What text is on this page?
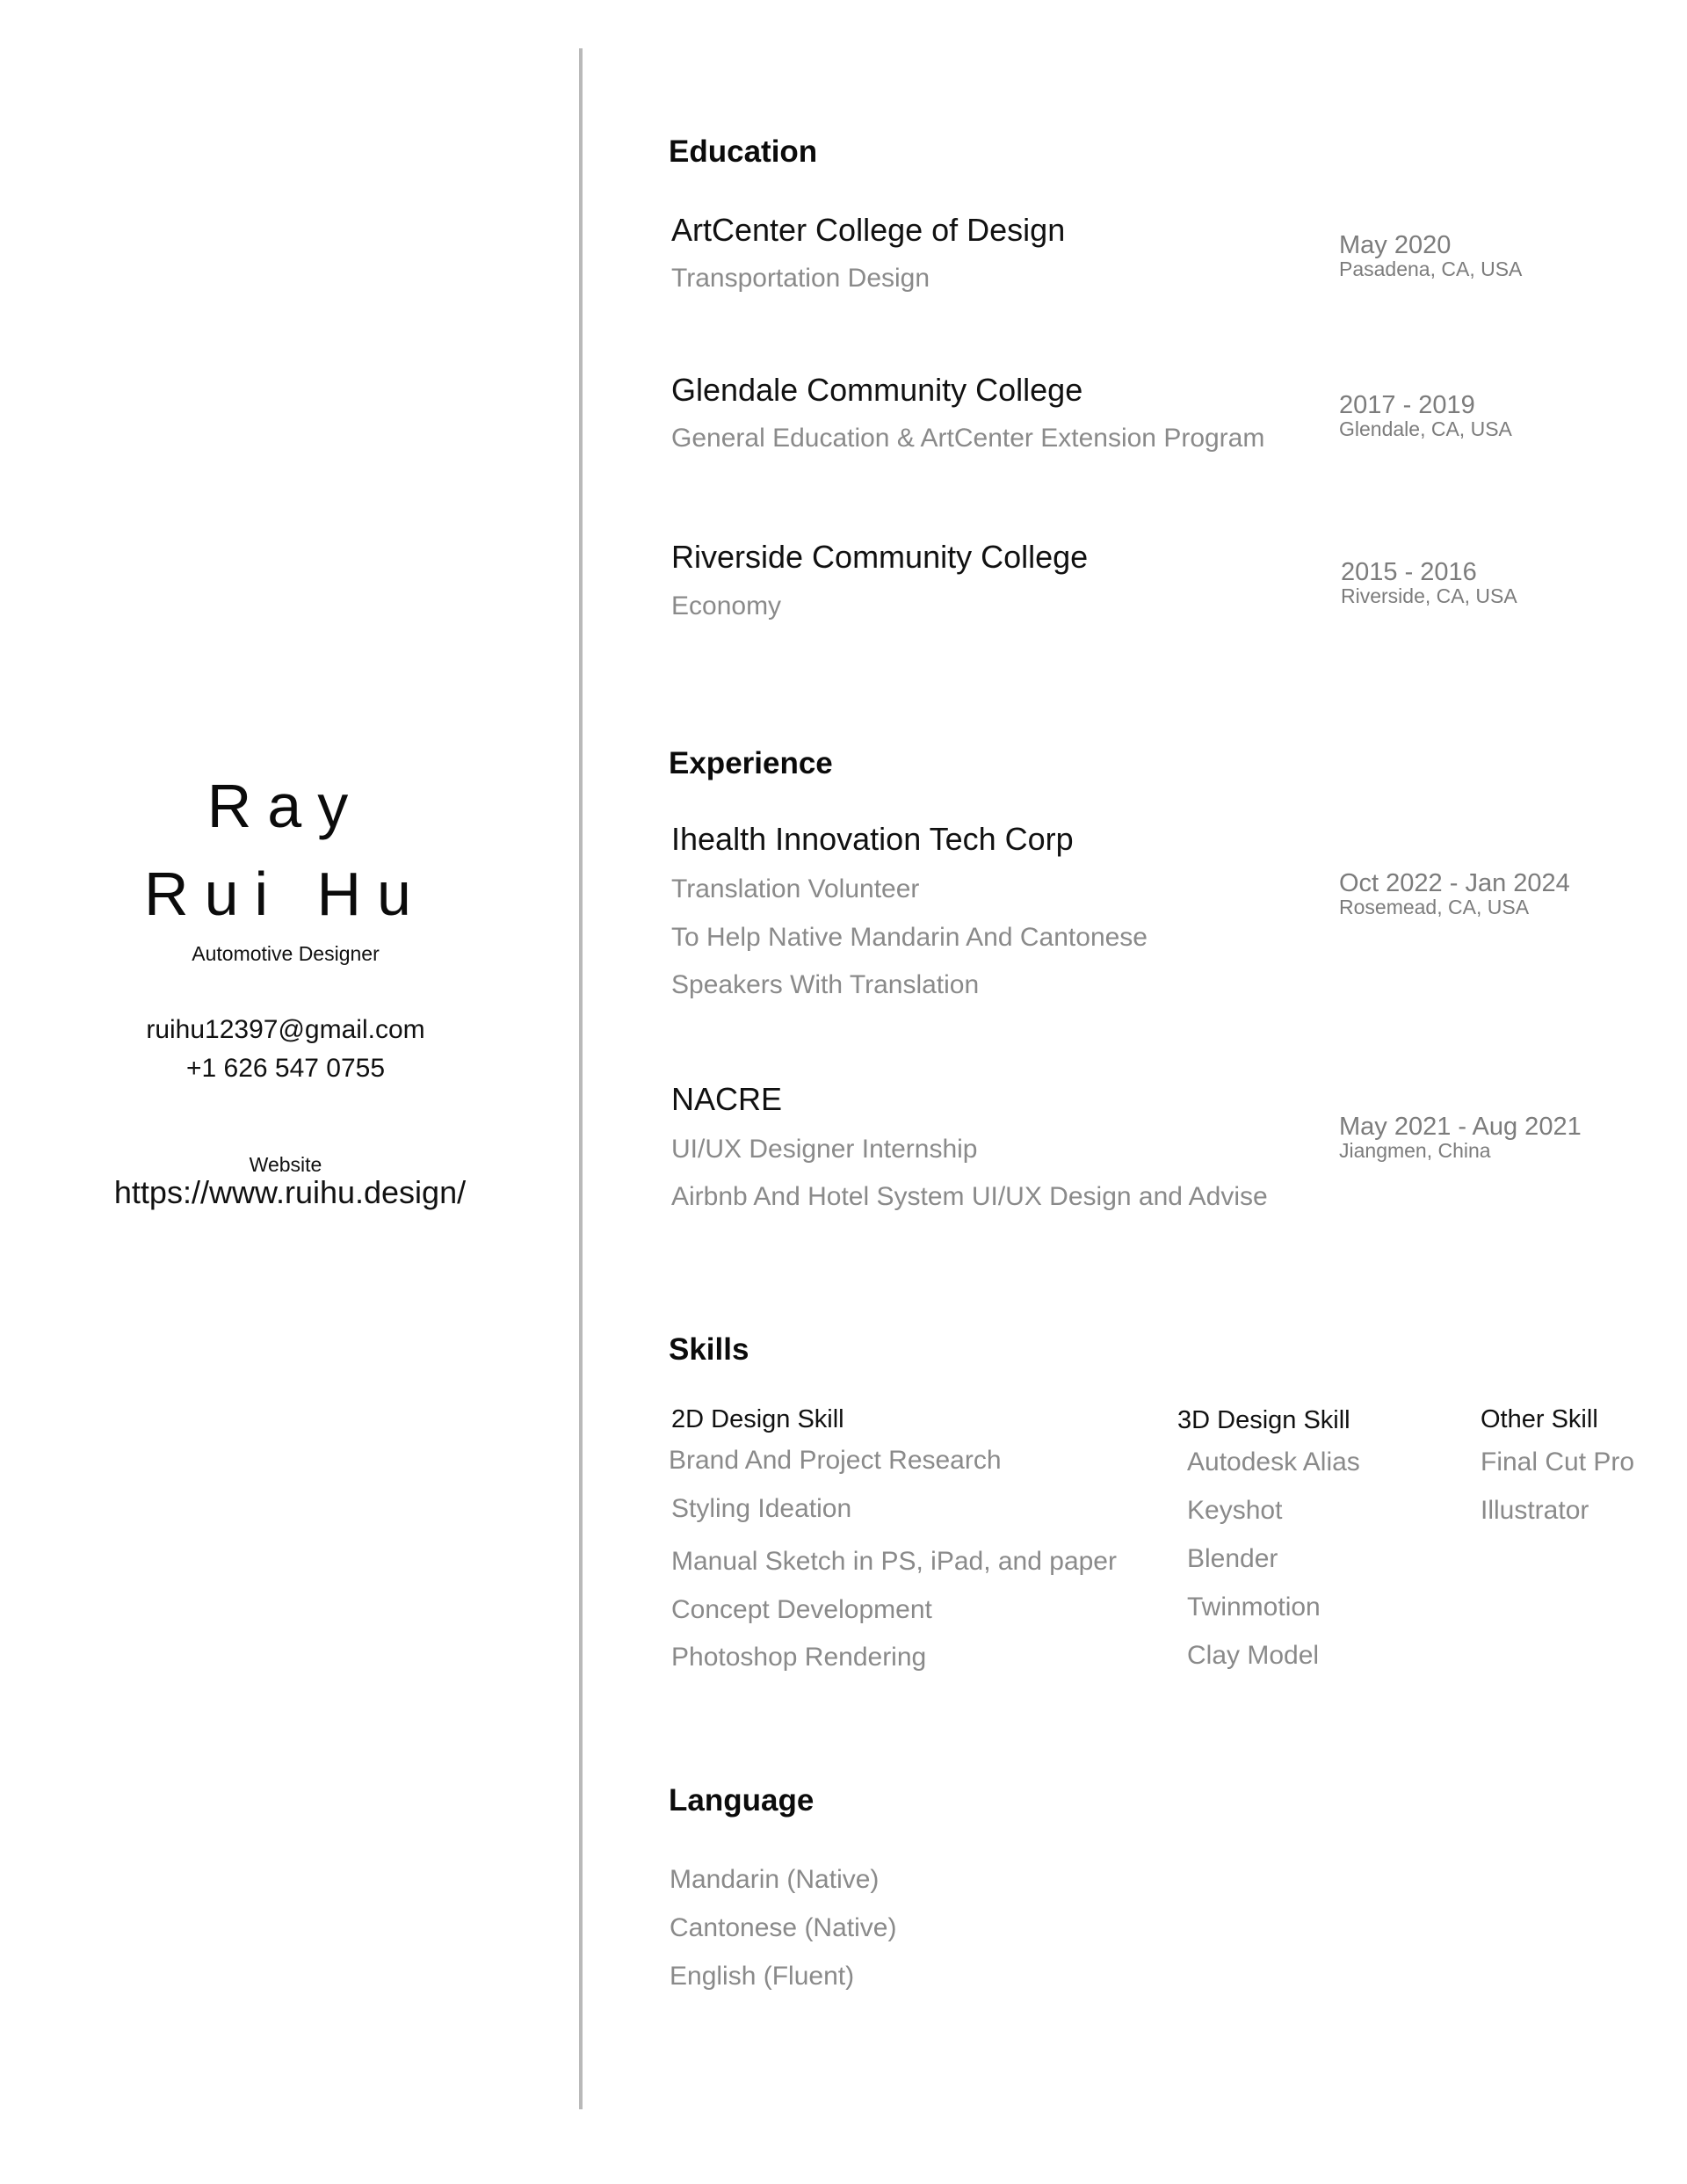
Ray
Rui Hu
Automotive Designer
ruihu12397@gmail.com
+1 626 547 0755
Website
https://www.ruihu.design/
Education
ArtCenter College of Design
Transportation Design
May 2020
Pasadena, CA, USA
Glendale Community College
General Education & ArtCenter Extension Program
2017 - 2019
Glendale, CA, USA
Riverside Community College
Economy
2015 - 2016
Riverside, CA, USA
Experience
Ihealth Innovation Tech Corp
Translation Volunteer
To Help Native Mandarin And Cantonese
Speakers With Translation
Oct 2022 - Jan 2024
Rosemead, CA, USA
NACRE
UI/UX Designer Internship
Airbnb And Hotel System UI/UX Design and Advise
May 2021 - Aug 2021
Jiangmen, China
Skills
2D Design Skill
Brand And Project Research
Styling Ideation
Manual Sketch in PS, iPad, and paper
Concept Development
Photoshop Rendering
3D Design Skill
Autodesk Alias
Keyshot
Blender
Twinmotion
Clay Model
Other Skill
Final Cut Pro
Illustrator
Language
Mandarin (Native)
Cantonese (Native)
English (Fluent)
